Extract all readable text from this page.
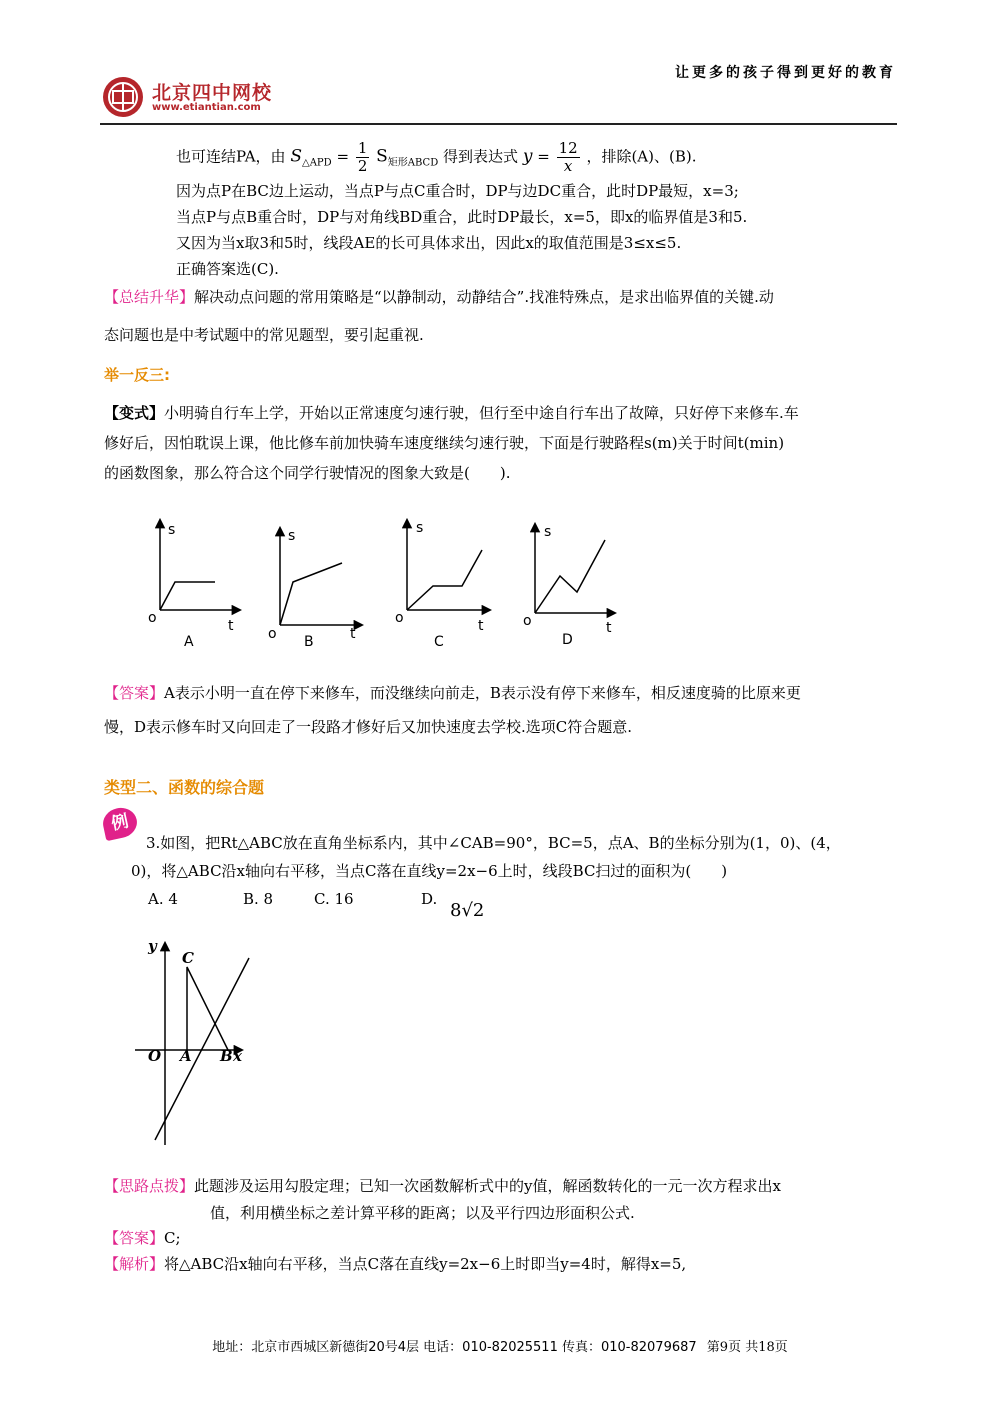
北京四中网校
www.etiantian.com
让更多的孩子得到更好的教育
也可连结PA，由 $S_{\triangle APD} = \frac{1}{2} S_{矩形ABCD}$ 得到表达式 $y = \frac{12}{x}$ ，排除(A)、(B).
因为点P在BC边上运动，当点P与点C重合时，DP与边DC重合，此时DP最短，x=3;
当点P与点B重合时，DP与对角线BD重合，此时DP最长，x=5，即x的临界值是3和5.
又因为当x取3和5时，线段AE的长可具体求出，因此x的取值范围是3≤x≤5.
正确答案选(C).
【总结升华】解决动点问题的常用策略是“以静制动，动静结合”.找准特殊点，是求出临界值的关键.动
态问题也是中考试题中的常见题型，要引起重视.
举一反三:
【变式】小明骑自行车上学，开始以正常速度匀速行驶，但行至中途自行车出了故障，只好停下来修车.车
修好后，因怕耽误上课，他比修车前加快骑车速度继续匀速行驶，下面是行驶路程s(m)关于时间t(min)
的函数图象，那么符合这个同学行驶情况的图象大致是(　　).
s
o	t
A
s
o	t
B
s
o	t
C
s
o	t
D
【答案】A表示小明一直在停下来修车，而没继续向前走，B表示没有停下来修车，相反速度骑的比原来更
慢，D表示修车时又向回走了一段路才修好后又加快速度去学校.选项C符合题意.
类型二、函数的综合题
例
3.如图，把Rt△ABC放在直角坐标系内，其中∠CAB=90°，BC=5，点A、B的坐标分别为(1，0)、(4，
0)，将△ABC沿x轴向右平移，当点C落在直线y=2x−6上时，线段BC扫过的面积为(　　)
A. 4	B. 8	C. 16	D.
8√2
y
C
O A B x
【思路点拨】此题涉及运用勾股定理；已知一次函数解析式中的y值，解函数转化的一元一次方程求出x
值，利用横坐标之差计算平移的距离；以及平行四边形面积公式.
【答案】C;
【解析】将△ABC沿x轴向右平移，当点C落在直线y=2x−6上时即当y=4时，解得x=5,
地址：北京市西城区新德街20号4层 电话：010-82025511 传真：010-82079687 第9页 共18页
